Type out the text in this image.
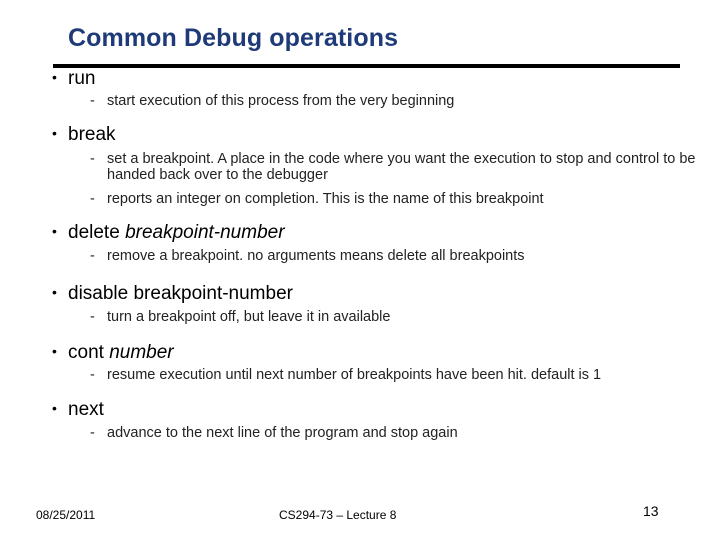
Common Debug operations
• run
- start execution of this process from the very beginning
• break
- set a breakpoint. A place in the code where you want the execution to stop and control to be handed back over to the debugger
- reports an integer on completion. This is the name of this breakpoint
• delete breakpoint-number
- remove a breakpoint. no arguments means delete all breakpoints
• disable breakpoint-number
- turn a breakpoint off, but leave it in available
• cont number
- resume execution until next number of breakpoints have been hit. default is 1
• next
- advance to the next line of the program and stop again
08/25/2011	CS294-73 – Lecture 8	13
